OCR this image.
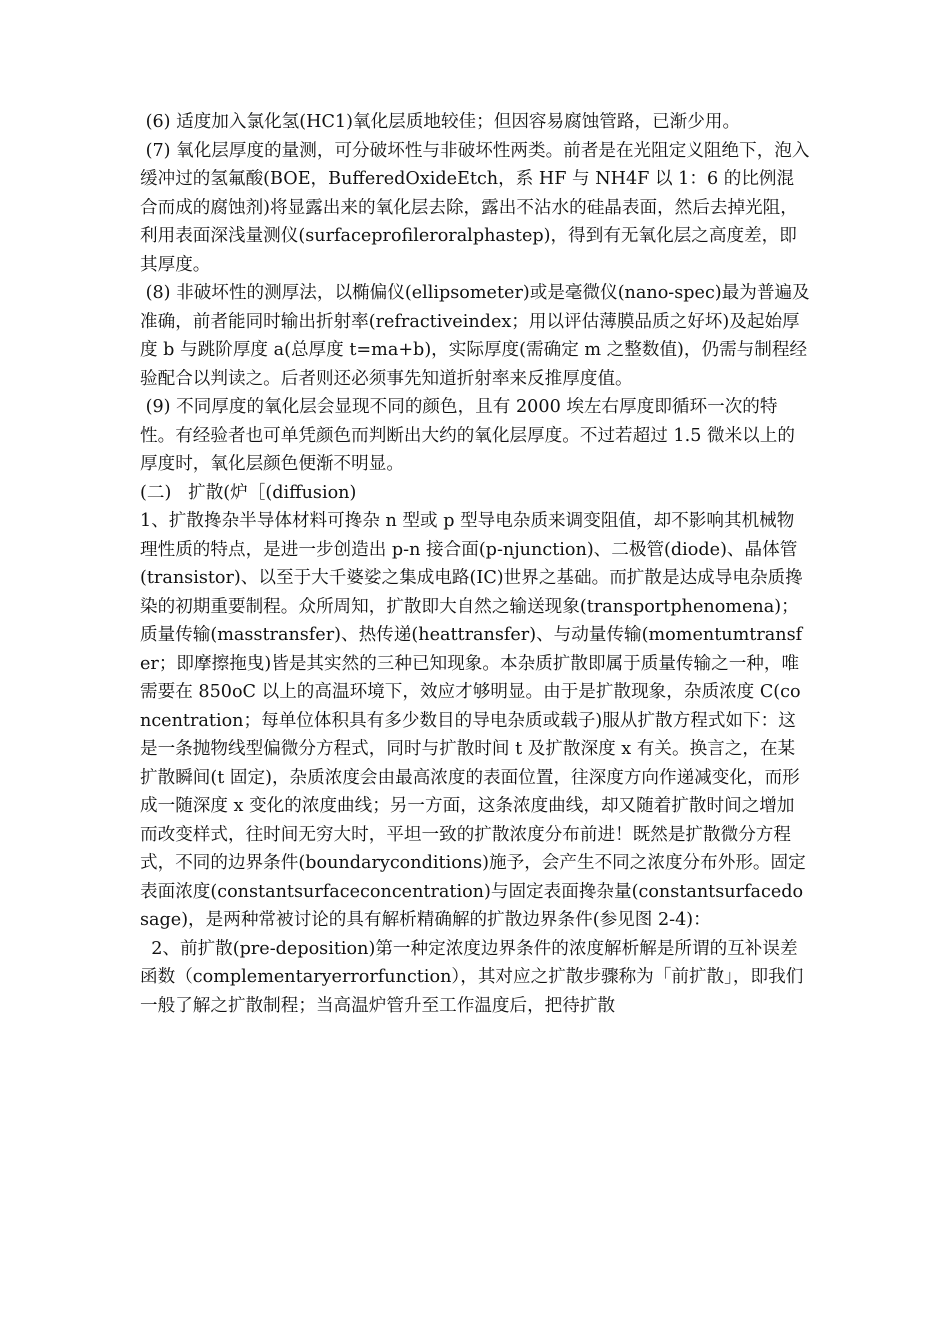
(6) 适度加入氯化氢(HC1)氧化层质地较佳；但因容易腐蚀管路，已渐少用。

(7) 氧化层厚度的量测，可分破坏性与非破坏性两类。前者是在光阻定义阻绝下，泡入缓冲过的氢氟酸(BOE，BufferedOxideEtch，系 HF 与 NH4F 以 1：6 的比例混合而成的腐蚀剂)将显露出来的氧化层去除，露出不沾水的硅晶表面，然后去掉光阻，利用表面深浅量测仪(surfaceprofileroralphastep)，得到有无氧化层之高度差，即其厚度。

(8) 非破坏性的测厚法，以椭偏仪(ellipsometer)或是毫微仪(nano-spec)最为普遍及准确，前者能同时输出折射率(refractiveindex；用以评估薄膜品质之好坏)及起始厚度 b 与跳阶厚度 a(总厚度 t=ma+b)，实际厚度(需确定 m 之整数值)，仍需与制程经验配合以判读之。后者则还必须事先知道折射率来反推厚度值。

(9) 不同厚度的氧化层会显现不同的颜色，且有 2000 埃左右厚度即循环一次的特性。有经验者也可单凭颜色而判断出大约的氧化层厚度。不过若超过 1.5 微米以上的厚度时，氧化层颜色便渐不明显。

(二)   扩散(炉［(diffusion)

1、扩散搀杂半导体材料可搀杂 n 型或 p 型导电杂质来调变阻值，却不影响其机械物理性质的特点，是进一步创造出 p-n 接合面(p-njunction)、二极管(diode)、晶体管(transistor)、以至于大千婆娑之集成电路(IC)世界之基础。而扩散是达成导电杂质搀染的初期重要制程。众所周知，扩散即大自然之输送现象(transportphenomena)；质量传输(masstransfer)、热传递(heattransfer)、与动量传输(momentumtransfer；即摩擦拖曳)皆是其实然的三种已知现象。本杂质扩散即属于质量传输之一种，唯需要在 850oC 以上的高温环境下，效应才够明显。由于是扩散现象，杂质浓度 C(concentration；每单位体积具有多少数目的导电杂质或载子)服从扩散方程式如下：这是一条抛物线型偏微分方程式，同时与扩散时间 t 及扩散深度 x 有关。换言之，在某扩散瞬间(t 固定)，杂质浓度会由最高浓度的表面位置，往深度方向作递减变化，而形成一随深度 x 变化的浓度曲线；另一方面，这条浓度曲线，却又随着扩散时间之增加而改变样式，往时间无穷大时，平坦一致的扩散浓度分布前进！既然是扩散微分方程式，不同的边界条件(boundaryconditions)施予，会产生不同之浓度分布外形。固定表面浓度(constantsurfaceconcentration)与固定表面搀杂量(constantsurfacedosage)，是两种常被讨论的具有解析精确解的扩散边界条件(参见图 2-4)：

2、前扩散(pre-deposition)第一种定浓度边界条件的浓度解析解是所谓的互补误差函数（complementaryerrorfunction），其对应之扩散步骤称为「前扩散」，即我们一般了解之扩散制程；当高温炉管升至工作温度后，把待扩散
